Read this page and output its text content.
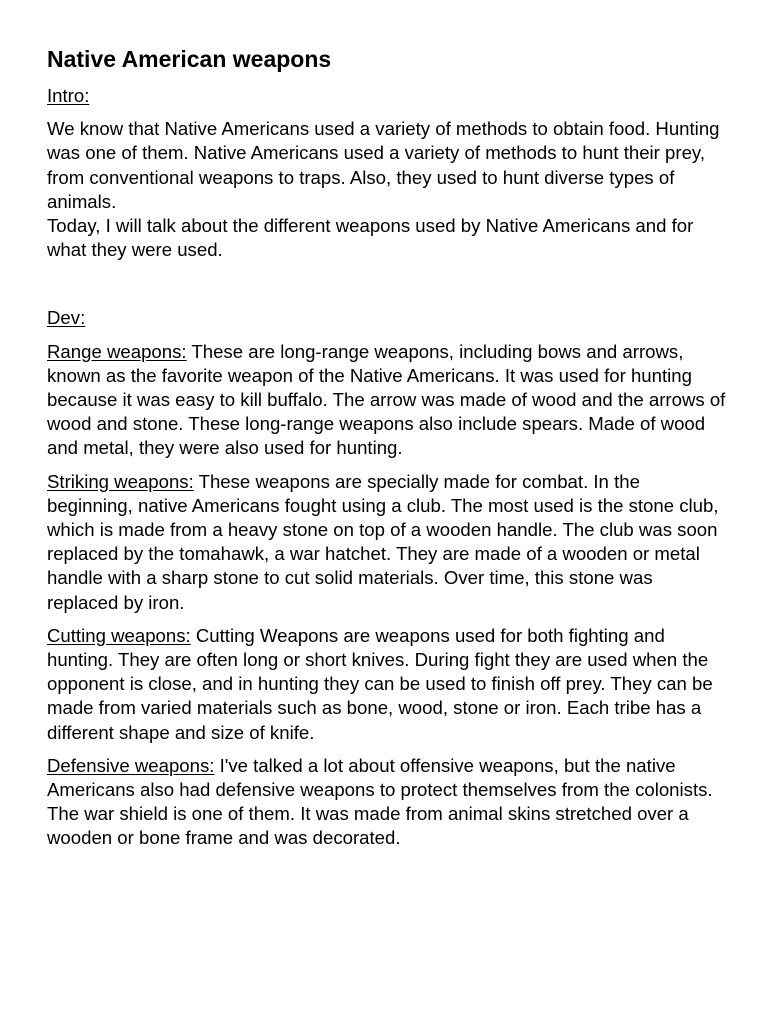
Native American weapons

Intro:

We know that Native Americans used a variety of methods to obtain food. Hunting was one of them. Native Americans used a variety of methods to hunt their prey, from conventional weapons to traps. Also, they used to hunt diverse types of animals.

Today, I will talk about the different weapons used by Native Americans and for what they were used.

Dev:

Range weapons: These are long-range weapons, including bows and arrows, known as the favorite weapon of the Native Americans. It was used for hunting because it was easy to kill buffalo. The arrow was made of wood and the arrows of wood and stone. These long-range weapons also include spears. Made of wood and metal, they were also used for hunting.

Striking weapons: These weapons are specially made for combat. In the beginning, native Americans fought using a club. The most used is the stone club, which is made from a heavy stone on top of a wooden handle. The club was soon replaced by the tomahawk, a war hatchet. They are made of a wooden or metal handle with a sharp stone to cut solid materials. Over time, this stone was replaced by iron.

Cutting weapons: Cutting Weapons are weapons used for both fighting and hunting. They are often long or short knives. During fight they are used when the opponent is close, and in hunting they can be used to finish off prey. They can be made from varied materials such as bone, wood, stone or iron. Each tribe has a different shape and size of knife.

Defensive weapons: I've talked a lot about offensive weapons, but the native Americans also had defensive weapons to protect themselves from the colonists. The war shield is one of them. It was made from animal skins stretched over a wooden or bone frame and was decorated.
